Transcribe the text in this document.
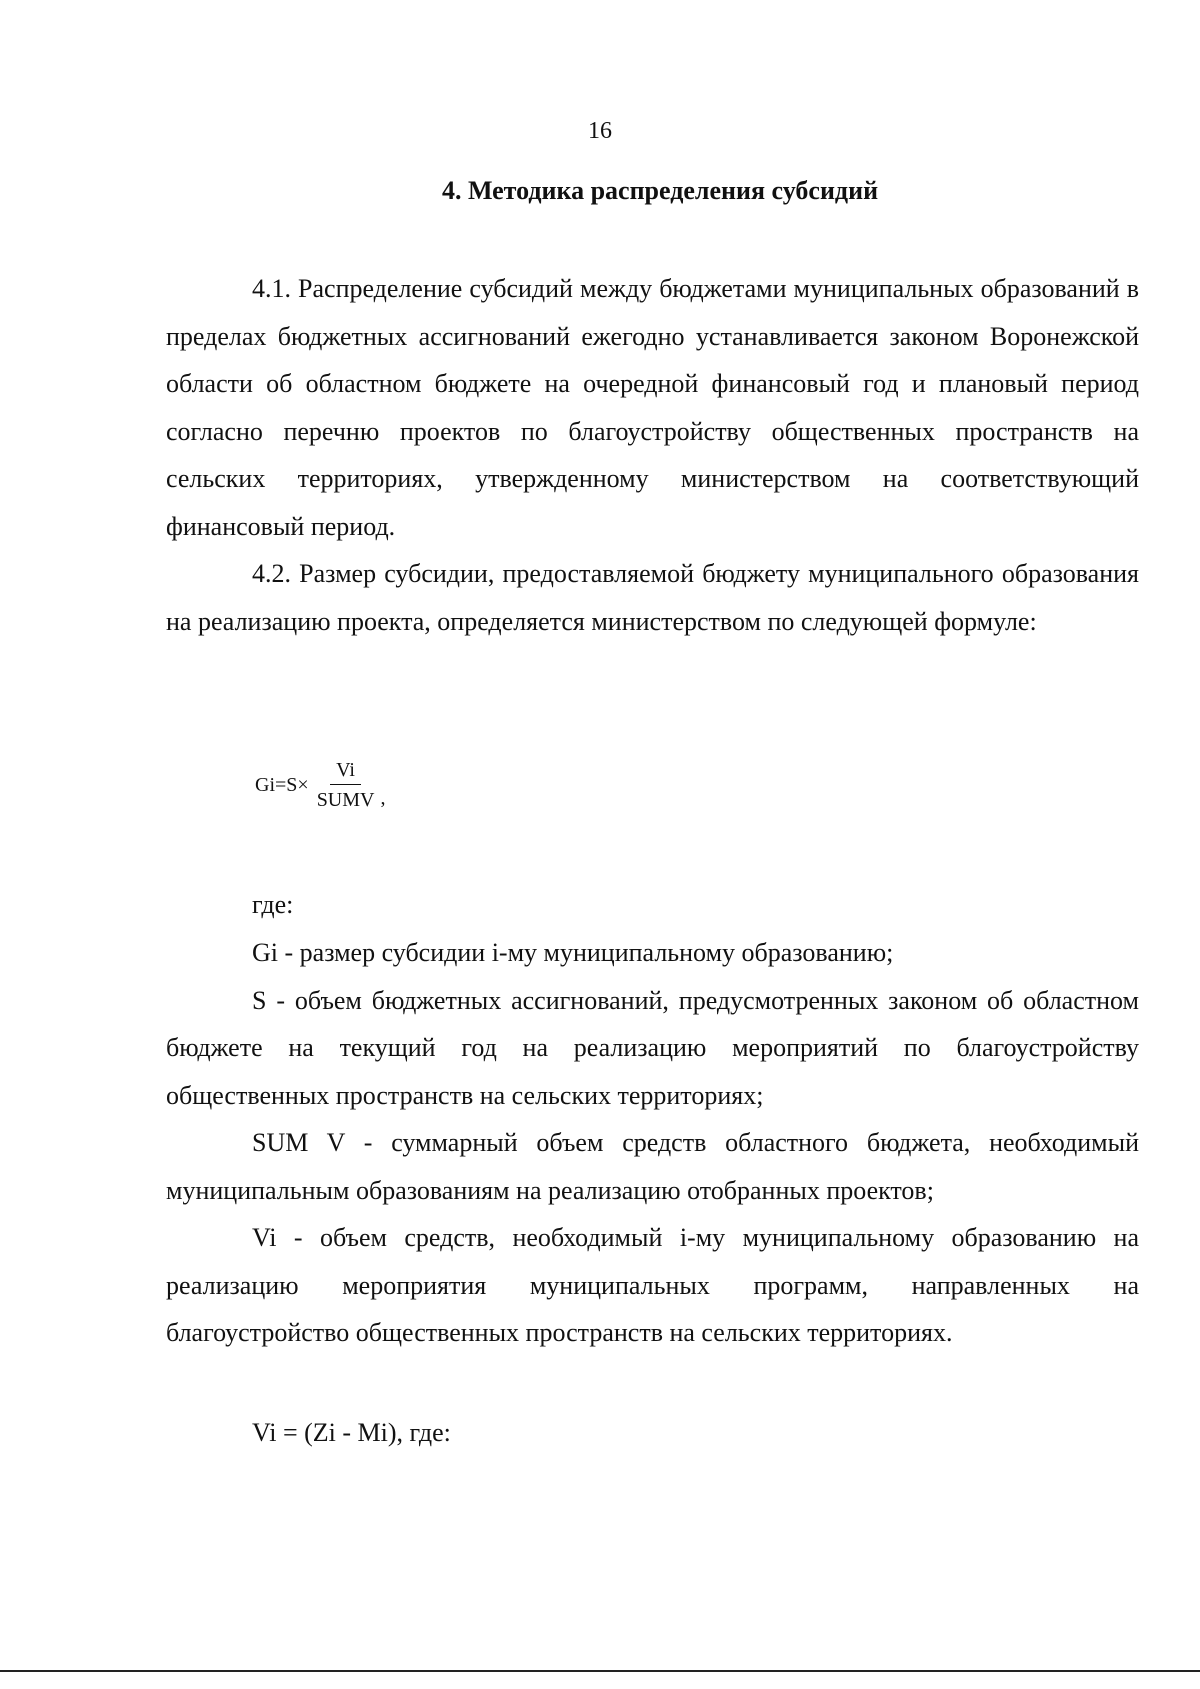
16
4. Методика распределения субсидий

4.1. Распределение субсидий между бюджетами муниципальных образований в пределах бюджетных ассигнований ежегодно устанавливается законом Воронежской области об областном бюджете на очередной финансовый год и плановый период согласно перечню проектов по благоустройству общественных пространств на сельских территориях, утвержденному министерством на соответствующий финансовый период.

4.2. Размер субсидии, предоставляемой бюджету муниципального образования на реализацию проекта, определяется министерством по следующей формуле:

$Gi=S\times \frac{Vi}{\text{SUMV}}$ ,
где:

Gi - размер субсидии i-му муниципальному образованию;

S - объем бюджетных ассигнований, предусмотренных законом об областном бюджете на текущий год на реализацию мероприятий по благоустройству общественных пространств на сельских территориях;

SUM V - суммарный объем средств областного бюджета, необходимый муниципальным образованиям на реализацию отобранных проектов;

Vi - объем средств, необходимый i-му муниципальному образованию на реализацию мероприятия муниципальных программ, направленных на благоустройство общественных пространств на сельских территориях.

Vi = (Zi - Mi), где:
